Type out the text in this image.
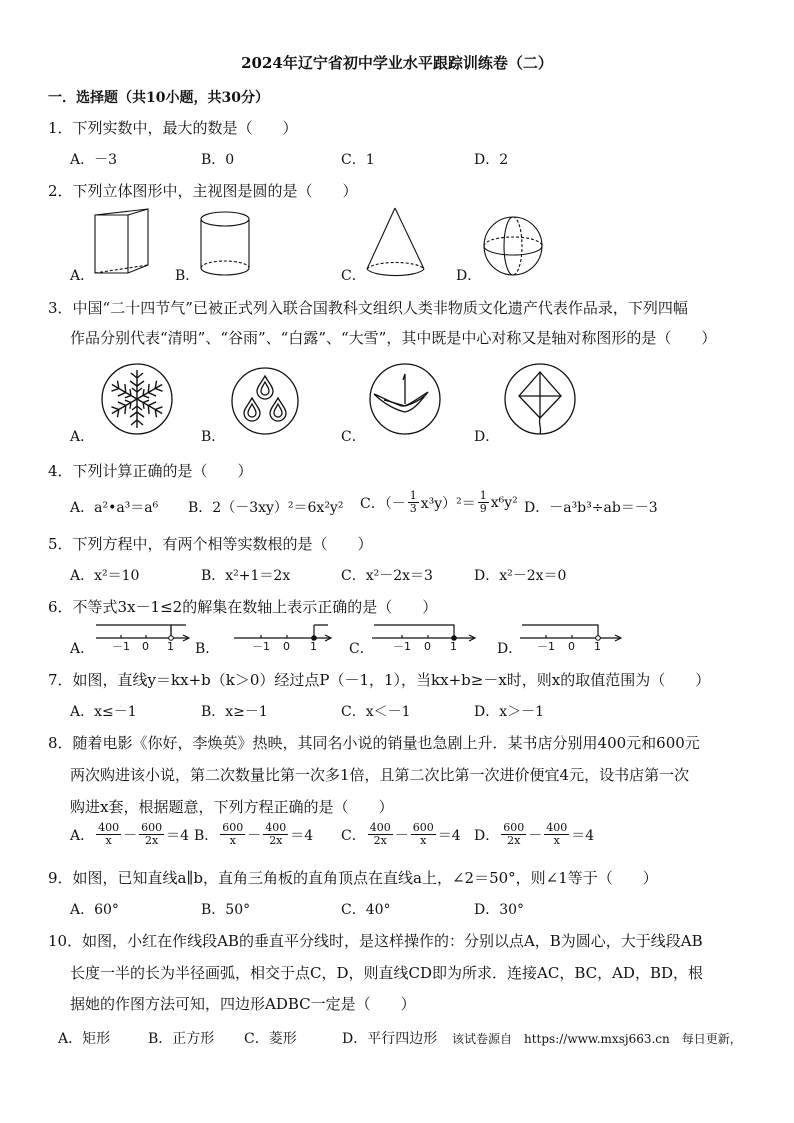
2024年辽宁省初中学业水平跟踪训练卷（二）
一．选择题（共10小题，共30分）
1．下列实数中，最大的数是（　　）
A．－3	B．0	C．1	D．2
2．下列立体图形中，主视图是圆的是（　　）
A．	B．	C．	D．
3．中国“二十四节气”已被正式列入联合国教科文组织人类非物质文化遗产代表作品录，下列四幅
作品分别代表“清明”、“谷雨”、“白露”、“大雪”，其中既是中心对称又是轴对称图形的是（　　）
A．	B．	C．	D．
4．下列计算正确的是（　　）
A．a²•a³＝a⁶ B．2（－3xy）²＝6x²y² C．（－ $\frac{1}{3} x^3y)^2= \frac{1}{9} x^6y^2$ D．－a³b³÷ab＝－3
5．下列方程中，有两个相等实数根的是（　　）
A．x²＝10	B．x²+1＝2x	C．x²－2x＝3	D．x²－2x＝0
6．不等式3x－1≤2的解集在数轴上表示正确的是（　　）
A．	B．	C．	D．
－1 0 1	－1 0 1	－1 0 1	－1 0 1
7．如图，直线y＝kx+b（k＞0）经过点P（－1，1），当kx+b≥－x时，则x的取值范围为（　　）
A．x≤－1	B．x≥－1	C．x＜－1	D．x＞－1
8．随着电影《你好，李焕英》热映，其同名小说的销量也急剧上升．某书店分别用400元和600元
两次购进该小说，第二次数量比第一次多1倍，且第二次比第一次进价便宜4元，设书店第一次
购进x套，根据题意，下列方程正确的是（　　）
A． $\frac{400}{x} - \frac{600}{2x} =4$ B． $\frac{600}{x} - \frac{400}{2x} =4$ C． $\frac{400}{2x} - \frac{600}{x} =4$ D． $\frac{600}{2x} - \frac{400}{x} =4$
9．如图，已知直线a∥b，直角三角板的直角顶点在直线a上，∠2＝50°，则∠1等于（　　）
A．60°	B．50°	C．40°	D．30°
10．如图，小红在作线段AB的垂直平分线时，是这样操作的：分别以点A，B为圆心，大于线段AB
长度一半的长为半径画弧，相交于点C，D，则直线CD即为所求．连接AC，BC，AD，BD，根
据她的作图方法可知，四边形ADBC一定是（　　）
A．矩形	B．正方形 C．菱形	D．平行四边形 该试卷源自　https://www.mxsj663.cn　每日更新，
